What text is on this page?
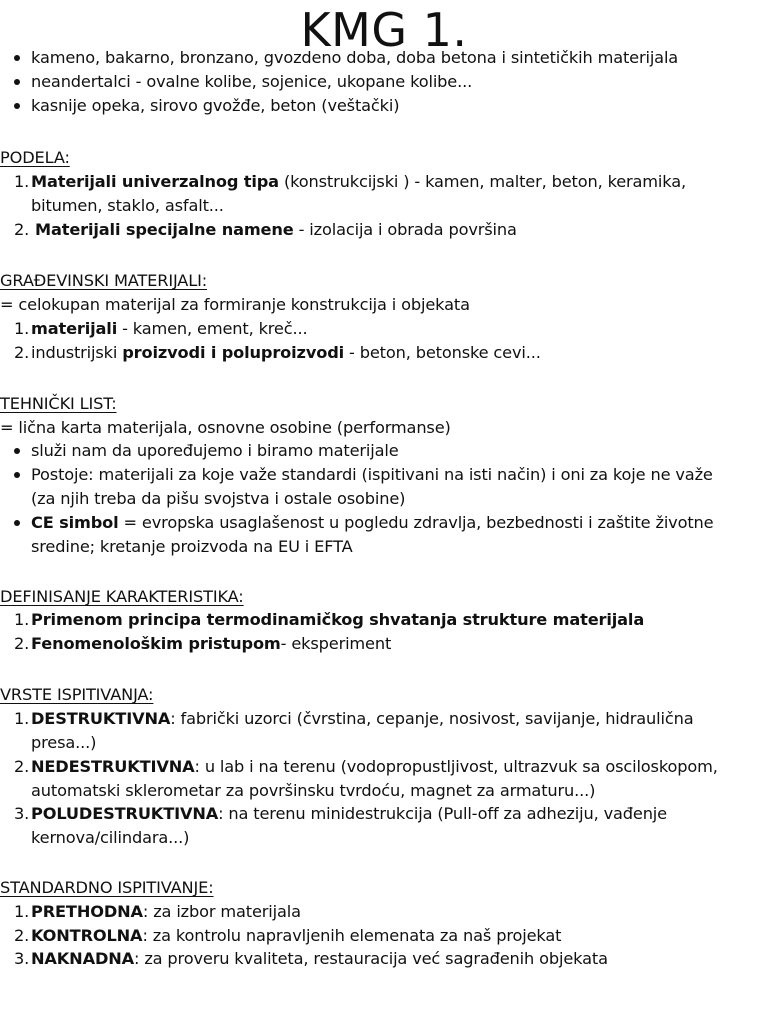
KMG 1.
kameno, bakarno, bronzano, gvozdeno doba, doba betona i sintetičkih materijala
neandertalci - ovalne kolibe, sojenice, ukopane kolibe...
kasnije opeka, sirovo gvožđe, beton (veštački)
PODELA:
1. Materijali univerzalnog tipa (konstrukcijski ) - kamen, malter, beton, keramika,
bitumen, staklo, asfalt...
2. Materijali specijalne namene - izolacija i obrada površina
GRAĐEVINSKI MATERIJALI:
= celokupan materijal za formiranje konstrukcija i objekata
1. materijali - kamen, ement, kreč...
2. industrijski proizvodi i poluproizvodi - beton, betonske cevi...
TEHNIČKI LIST:
= lična karta materijala, osnovne osobine (performanse)
služi nam da upoređujemo i biramo materijale
Postoje: materijali za koje važe standardi (ispitivani na isti način) i oni za koje ne važe
(za njih treba da pišu svojstva i ostale osobine)
CE simbol = evropska usaglašenost u pogledu zdravlja, bezbednosti i zaštite životne
sredine; kretanje proizvoda na EU i EFTA
DEFINISANJE KARAKTERISTIKA:
1. Primenom principa termodinamičkog shvatanja strukture materijala
2. Fenomenološkim pristupom- eksperiment
VRSTE ISPITIVANJA:
1. DESTRUKTIVNA: fabrički uzorci (čvrstina, cepanje, nosivost, savijanje, hidraulična
presa...)
2. NEDESTRUKTIVNA: u lab i na terenu (vodopropustljivost, ultrazvuk sa osciloskopom,
automatski sklerometar za površinsku tvrdoću, magnet za armaturu...)
3. POLUDESTRUKTIVNA: na terenu minidestrukcija (Pull-off za adheziju, vađenje
kernova/cilindara...)
STANDARDNO ISPITIVANJE:
1. PRETHODNA: za izbor materijala
2. KONTROLNA: za kontrolu napravljenih elemenata za naš projekat
3. NAKNADNA: za proveru kvaliteta, restauracija već sagrađenih objekata
